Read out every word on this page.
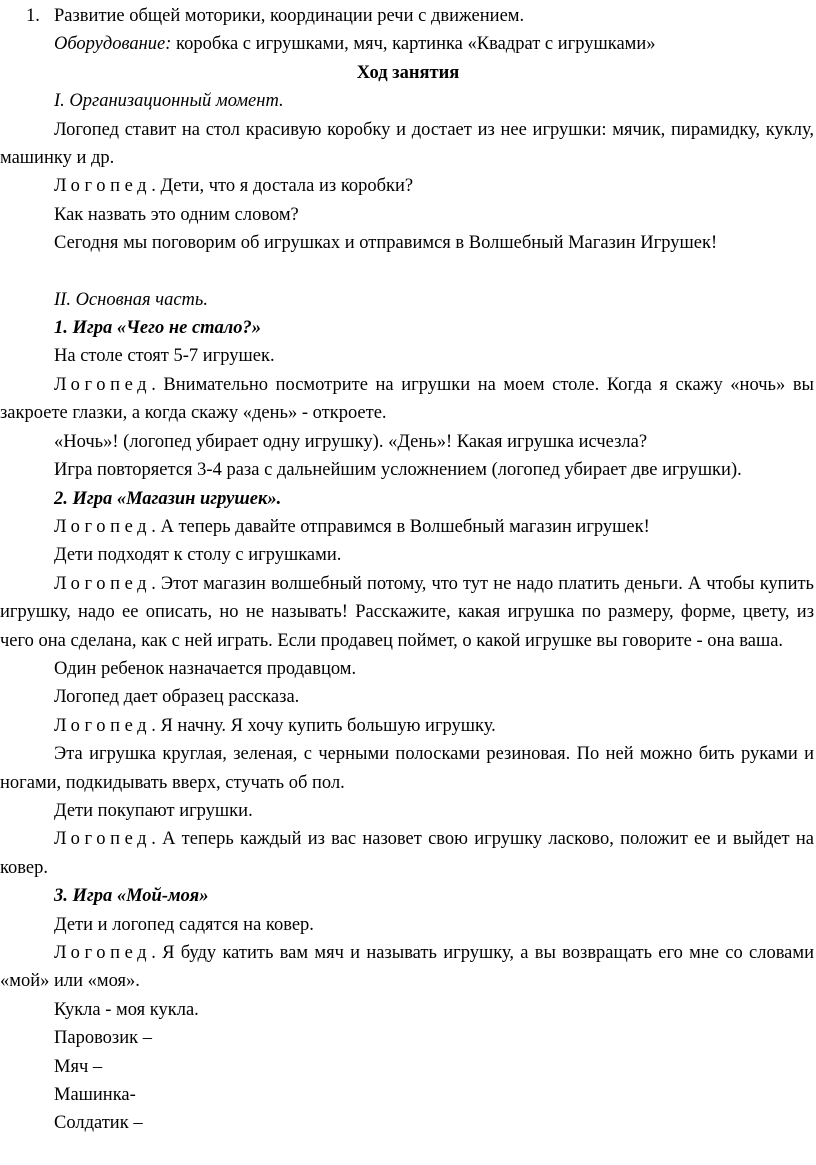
1. Развитие общей моторики, координации речи с движением.

Оборудование: коробка с игрушками, мяч, картинка «Квадрат с игрушками»

Ход занятия

I. Организационный момент.

Логопед ставит на стол красивую коробку и достает из нее игрушки: мячик, пирамидку, куклу, машинку и др.

Логопед. Дети, что я достала из коробки?

Как назвать это одним словом?

Сегодня мы поговорим об игрушках и отправимся в Волшебный Магазин Игрушек!

II. Основная часть.

1. Игра «Чего не стало?»

На столе стоят 5-7 игрушек.

Логопед. Внимательно посмотрите на игрушки на моем столе. Когда я скажу «ночь» вы закроете глазки, а когда скажу «день» - откроете.

«Ночь»! (логопед убирает одну игрушку). «День»! Какая игрушка исчезла?

Игра повторяется 3-4 раза с дальнейшим усложнением (логопед убирает две игрушки).

2. Игра «Магазин игрушек».

Логопед. А теперь давайте отправимся в Волшебный магазин игрушек!

Дети подходят к столу с игрушками.

Логопед. Этот магазин волшебный потому, что тут не надо платить деньги. А чтобы купить игрушку, надо ее описать, но не называть! Расскажите, какая игрушка по размеру, форме, цвету, из чего она сделана, как с ней играть. Если продавец поймет, о какой игрушке вы говорите - она ваша.

Один ребенок назначается продавцом.

Логопед дает образец рассказа.

Логопед. Я начну. Я хочу купить большую игрушку.

Эта игрушка круглая, зеленая, с черными полосками резиновая. По ней можно бить руками и ногами, подкидывать вверх, стучать об пол.

Дети покупают игрушки.

Логопед. А теперь каждый из вас назовет свою игрушку ласково, положит ее и выйдет на ковер.

3. Игра «Мой-моя»

Дети и логопед садятся на ковер.

Логопед. Я буду катить вам мяч и называть игрушку, а вы возвращать его мне со словами «мой» или «моя».

Кукла - моя кукла.

Паровозик –

Мяч –

Машинка-

Солдатик –
